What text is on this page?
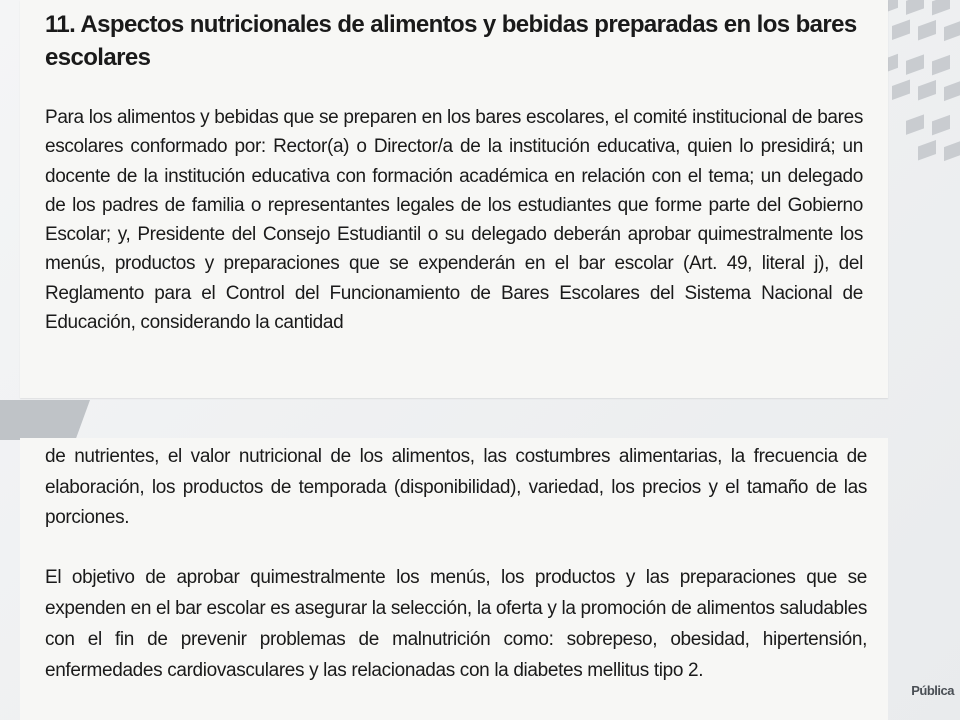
11. Aspectos nutricionales de alimentos y bebidas preparadas en los bares escolares

Para los alimentos y bebidas que se preparen en los bares escolares, el comité institucional de bares escolares conformado por: Rector(a) o Director/a de la institución educativa, quien lo presidirá; un docente de la institución educativa con formación académica en relación con el tema; un delegado de los padres de familia o representantes legales de los estudiantes que forme parte del Gobierno Escolar; y, Presidente del Consejo Estudiantil o su delegado deberán aprobar quimestralmente los menús, productos y preparaciones que se expenderán en el bar escolar (Art. 49, literal j), del Reglamento para el Control del Funcionamiento de Bares Escolares del Sistema Nacional de Educación, considerando la cantidad

de nutrientes, el valor nutricional de los alimentos, las costumbres alimentarias, la frecuencia de elaboración, los productos de temporada (disponibilidad), variedad, los precios y el tamaño de las porciones.

El objetivo de aprobar quimestralmente los menús, los productos y las preparaciones que se expenden en el bar escolar es asegurar la selección, la oferta y la promoción de alimentos saludables con el fin de prevenir problemas de malnutrición como: sobrepeso, obesidad, hipertensión, enfermedades cardiovasculares y las relacionadas con la diabetes mellitus tipo 2.

Pública
